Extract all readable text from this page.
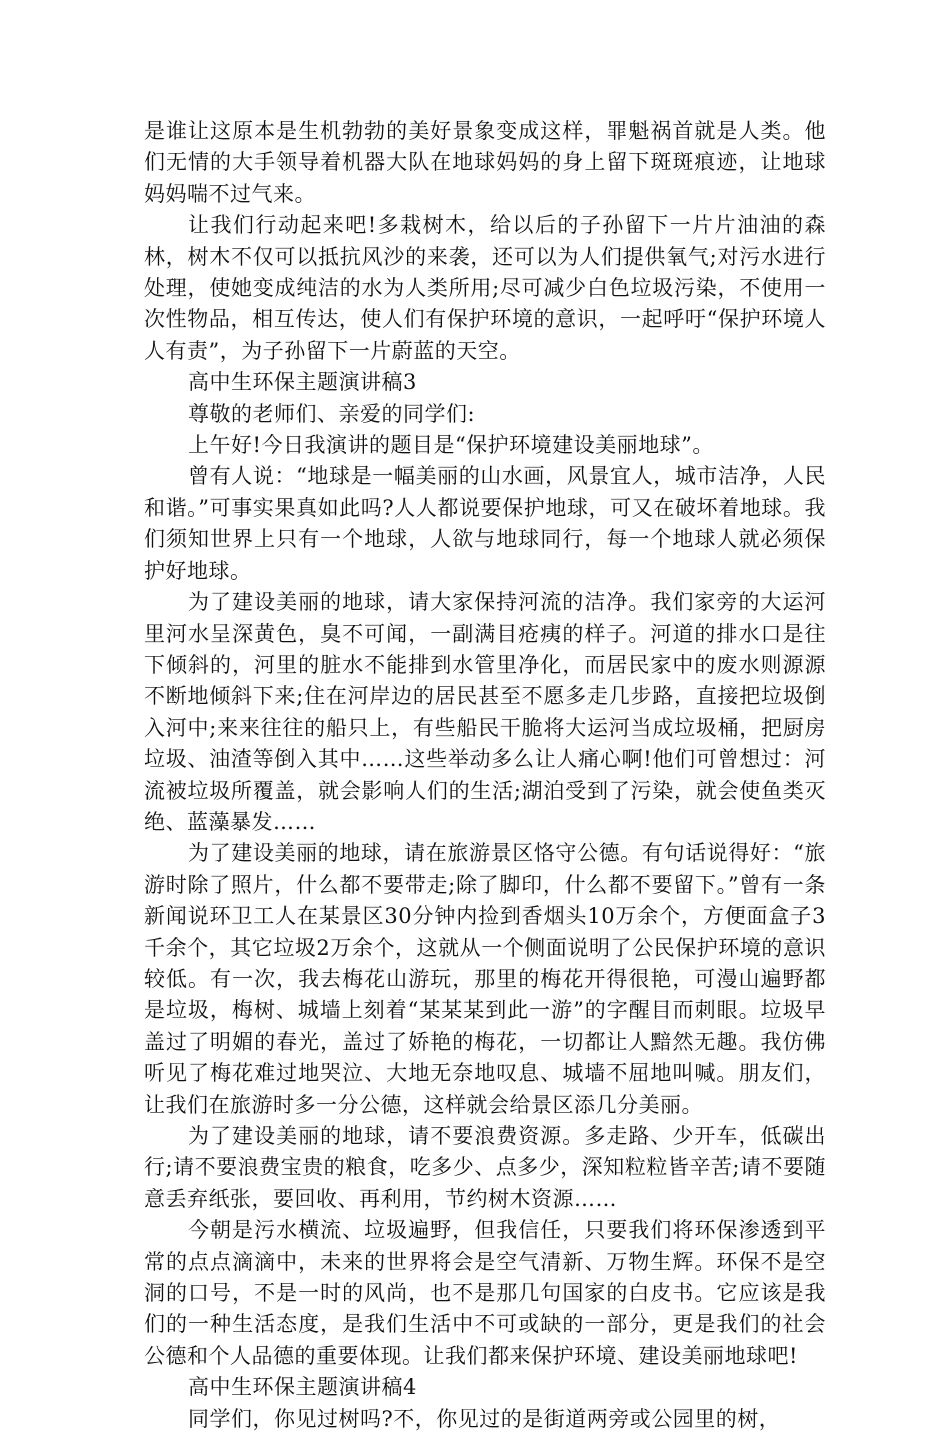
是谁让这原本是生机勃勃的美好景象变成这样，罪魁祸首就是人类。他们无情的大手领导着机器大队在地球妈妈的身上留下斑斑痕迹，让地球妈妈喘不过气来。

让我们行动起来吧!多栽树木，给以后的子孙留下一片片油油的森林，树木不仅可以抵抗风沙的来袭，还可以为人们提供氧气;对污水进行处理，使她变成纯洁的水为人类所用;尽可减少白色垃圾污染，不使用一次性物品，相互传达，使人们有保护环境的意识，一起呼吁“保护环境人人有责”，为子孙留下一片蔚蓝的天空。

高中生环保主题演讲稿3

尊敬的老师们、亲爱的同学们:

上午好!今日我演讲的题目是“保护环境建设美丽地球”。

曾有人说：“地球是一幅美丽的山水画，风景宜人，城市洁净，人民和谐。”可事实果真如此吗?人人都说要保护地球，可又在破坏着地球。我们须知世界上只有一个地球，人欲与地球同行，每一个地球人就必须保护好地球。

为了建设美丽的地球，请大家保持河流的洁净。我们家旁的大运河里河水呈深黄色，臭不可闻，一副满目疮痍的样子。河道的排水口是往下倾斜的，河里的脏水不能排到水管里净化，而居民家中的废水则源源不断地倾斜下来;住在河岸边的居民甚至不愿多走几步路，直接把垃圾倒入河中;来来往往的船只上，有些船民干脆将大运河当成垃圾桶，把厨房垃圾、油渣等倒入其中……这些举动多么让人痛心啊!他们可曾想过：河流被垃圾所覆盖，就会影响人们的生活;湖泊受到了污染，就会使鱼类灭绝、蓝藻暴发……

为了建设美丽的地球，请在旅游景区恪守公德。有句话说得好：“旅游时除了照片，什么都不要带走;除了脚印，什么都不要留下。”曾有一条新闻说环卫工人在某景区30分钟内捡到香烟头10万余个，方便面盒子3千余个，其它垃圾2万余个，这就从一个侧面说明了公民保护环境的意识较低。有一次，我去梅花山游玩，那里的梅花开得很艳，可漫山遍野都是垃圾，梅树、城墙上刻着“某某某到此一游”的字醒目而刺眼。垃圾早盖过了明媚的春光，盖过了娇艳的梅花，一切都让人黯然无趣。我仿佛听见了梅花难过地哭泣、大地无奈地叹息、城墙不屈地叫喊。朋友们，让我们在旅游时多一分公德，这样就会给景区添几分美丽。

为了建设美丽的地球，请不要浪费资源。多走路、少开车，低碳出行;请不要浪费宝贵的粮食，吃多少、点多少，深知粒粒皆辛苦;请不要随意丢弃纸张，要回收、再利用，节约树木资源……

今朝是污水横流、垃圾遍野，但我信任，只要我们将环保渗透到平常的点点滴滴中，未来的世界将会是空气清新、万物生辉。环保不是空洞的口号，不是一时的风尚，也不是那几句国家的白皮书。它应该是我们的一种生活态度，是我们生活中不可或缺的一部分，更是我们的社会公德和个人品德的重要体现。让我们都来保护环境、建设美丽地球吧!

高中生环保主题演讲稿4

同学们，你见过树吗?不，你见过的是街道两旁或公园里的树，
